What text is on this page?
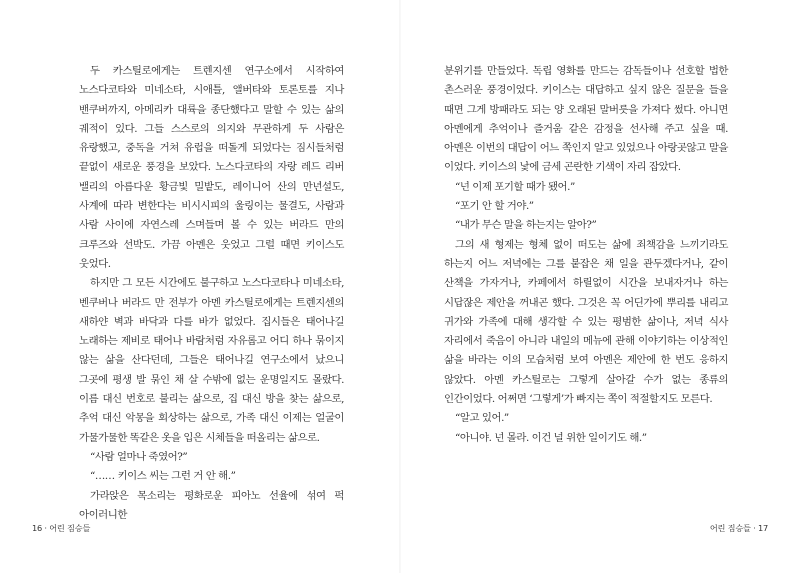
두 카스틸로에게는 트렌지센 연구소에서 시작하여 노스다코타와 미네소타, 시애틀, 앨버타와 토론토를 지나 밴쿠버까지, 아메리카 대륙을 종단했다고 말할 수 있는 삶의 궤적이 있다. 그들 스스로의 의지와 무관하게 두 사람은 유랑했고, 중독을 거쳐 유럽을 떠돌게 되었다는 짐시들처럼 끝없이 새로운 풍경을 보았다. 노스다코타의 자랑 레드 리버 밸리의 아름다운 황금빛 밀밭도, 레이니어 산의 만년설도, 사계에 따라 변한다는 비시시피의 울링이는 물결도, 사람과 사람 사이에 자연스레 스며들며 볼 수 있는 버라드 만의 크루즈와 선박도. 가끔 아멘은 웃었고 그럴 때면 키이스도 웃었다.

하지만 그 모든 시간에도 불구하고 노스다코타나 미네소타, 벤쿠버나 버라드 만 전부가 아멘 카스틸로에게는 트렌지센의 새하얀 벽과 바닥과 다를 바가 없었다. 집시들은 태어나길 노래하는 제비로 태어나 바람처럼 자유롭고 어디 하나 묶이지 않는 삶을 산다던데, 그들은 태어나길 연구소에서 났으니 그곳에 평생 발 묶인 채 살 수밖에 없는 운명일지도 몰랐다. 이름 대신 번호로 불리는 삶으로, 집 대신 방을 찾는 삶으로, 추억 대신 악몽을 회상하는 삶으로, 가족 대신 이제는 얼굴이 가물가물한 똑같은 옷을 입은 시체들을 떠올리는 삶으로.

“사람 얼마나 죽였어?”

“…… 키이스 씨는 그런 거 안 해.”

가라앉은 목소리는 평화로운 피아노 선율에 섞여 퍽 아이러니한

분위기를 만들었다. 독립 영화를 만드는 감독들이나 선호할 법한 촌스러운 풍경이었다. 키이스는 대답하고 싶지 않은 질문을 들을 때면 그게 방패라도 되는 양 오래된 말버릇을 가져다 썼다. 아니면 아멘에게 추억이나 즐거움 같은 감정을 선사해 주고 싶을 때. 아멘은 이번의 대답이 어느 쪽인지 알고 있었으나 아랑곳않고 말을 이었다. 키이스의 낯에 금세 곤란한 기색이 자리 잡았다.

“넌 이제 포기할 때가 됐어.”

“포기 안 할 거야.”

“내가 무슨 말을 하는지는 알아?”

그의 새 형제는 형체 없이 떠도는 삶에 죄책감을 느끼기라도 하는지 어느 저녁에는 그를 붙잡은 채 일을 관두겠다거나, 같이 산책을 가자거나, 카페에서 하릴없이 시간을 보내자거나 하는 시답잖은 제안을 꺼내곤 했다. 그것은 꼭 어딘가에 뿌리를 내리고 귀가와 가족에 대해 생각할 수 있는 평범한 삶이나, 저녁 식사 자리에서 죽음이 아니라 내일의 메뉴에 관해 이야기하는 이상적인 삶을 바라는 이의 모습처럼 보여 아멘은 제안에 한 번도 응하지 않았다. 아멘 카스틸로는 그렇게 살아갈 수가 없는 종류의 인간이었다. 어쩌면 ‘그렇게’가 빠지는 쪽이 적절할지도 모른다.

“알고 있어.”

“아니야. 넌 몰라. 이건 널 위한 일이기도 해.”

16 · 어린 짐승들	어린 짐승들 · 17
